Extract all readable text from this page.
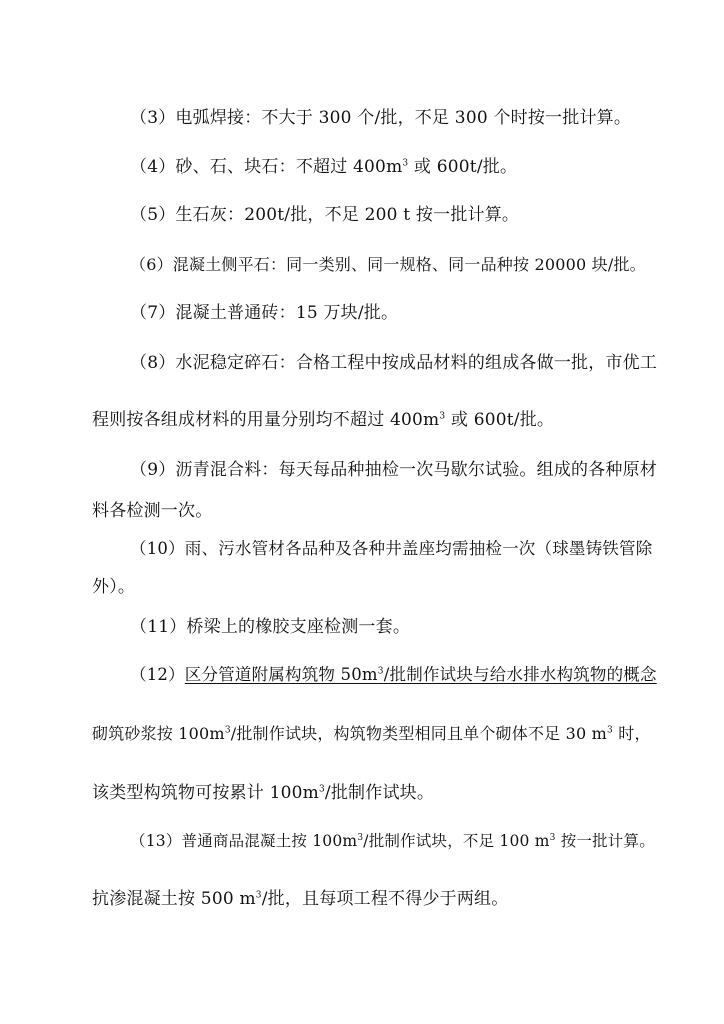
（3）电弧焊接：不大于 300 个/批，不足 300 个时按一批计算。
（4）砂、石、块石：不超过 $400m^3$ 或 600t/批。
（5）生石灰：200t/批，不足 200 t 按一批计算。
（6）混凝土侧平石：同一类别、同一规格、同一品种按 20000 块/批。
（7）混凝土普通砖：15 万块/批。
（8）水泥稳定碎石：合格工程中按成品材料的组成各做一批，市优工
程则按各组成材料的用量分别均不超过 $400m^3$ 或 600t/批。
（9）沥青混合料：每天每品种抽检一次马歇尔试验。组成的各种原材
料各检测一次。
（10）雨、污水管材各品种及各种井盖座均需抽检一次（球墨铸铁管除
外）。
（11）桥梁上的橡胶支座检测一套。
（12）区分管道附属构筑物 $50m^3/$批制作试块与给水排水构筑物的概念
砌筑砂浆按 $100m^3/$批制作试块，构筑物类型相同且单个砌体不足 30 $m^3$ 时，
该类型构筑物可按累计 $100m^3/$批制作试块。
（13）普通商品混凝土按 $100m^3/$批制作试块，不足 100 $m^3$ 按一批计算。
抗渗混凝土按 500 $m^3/$批，且每项工程不得少于两组。
